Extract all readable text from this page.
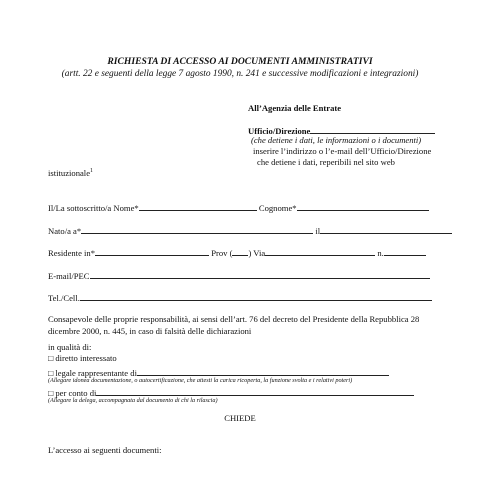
RICHIESTA DI ACCESSO AI DOCUMENTI AMMINISTRATIVI
(artt. 22 e seguenti della legge 7 agosto 1990, n. 241 e successive modificazioni e integrazioni)
All’Agenzia delle Entrate
Ufficio/Direzione
(che detiene i dati, le informazioni o i documenti)
inserire l’indirizzo o l’e-mail dell’Ufficio/Direzione
che detiene i dati, reperibili nel sito web
istituzionale$^1$
Il/La sottoscritto/a Nome*	Cognome*
Nato/a a*	il
Residente in*	Prov ( ) Via	n.
E-mail/PEC
Tel./Cell.
Consapevole delle proprie responsabilità, ai sensi dell’art. 76 del decreto del Presidente della Repubblica 28 dicembre 2000, n. 445, in caso di falsità delle dichiarazioni
in qualità di:
□ diretto interessato
□ legale rappresentante di
(Allegare idonea documentazione, o autocertificazione, che attesti la carica ricoperta, la funzione svolta e i relativi poteri)
□ per conto di
(Allegare la delega, accompagnata dal documento di chi la rilascia)
CHIEDE
L’accesso ai seguenti documenti:
